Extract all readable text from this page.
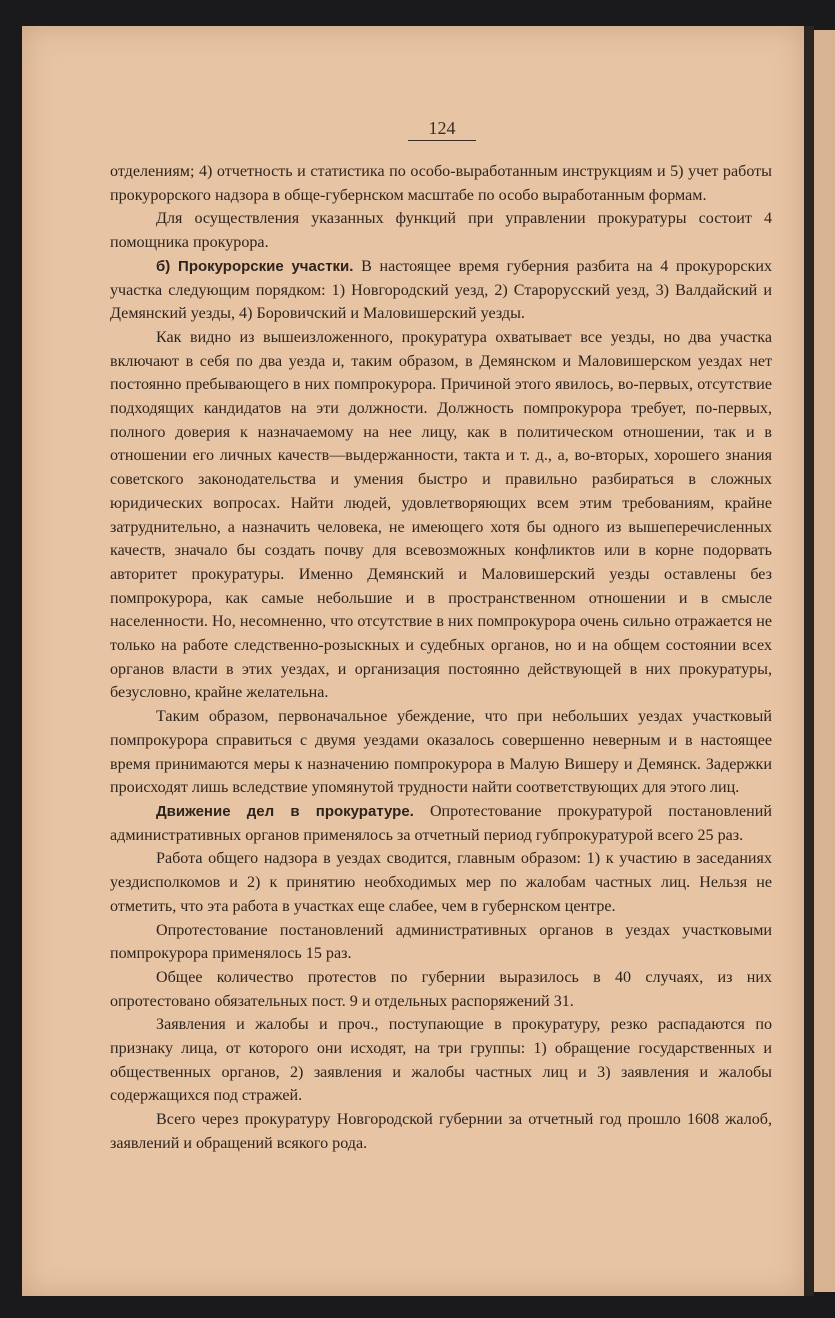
124

отделениям; 4) отчетность и статистика по особо-выработанным инструкциям и 5) учет работы прокурорского надзора в обще-губернском масштабе по особо выработанным формам.

Для осуществления указанных функций при управлении прокуратуры состоит 4 помощника прокурора.

б) Прокурорские участки. В настоящее время губерния разбита на 4 прокурорских участка следующим порядком: 1) Новгородский уезд, 2) Старорусский уезд, 3) Валдайский и Демянский уезды, 4) Боровичский и Маловишерский уезды.

Как видно из вышеизложенного, прокуратура охватывает все уезды, но два участка включают в себя по два уезда и, таким образом, в Демянском и Маловишерском уездах нет постоянно пребывающего в них помпрокурора. Причиной этого явилось, во-первых, отсутствие подходящих кандидатов на эти должности. Должность помпрокурора требует, по-первых, полного доверия к назначаемому на нее лицу, как в политическом отношении, так и в отношении его личных качеств—выдержанности, такта и т. д., а, во-вторых, хорошего знания советского законодательства и умения быстро и правильно разбираться в сложных юридических вопросах. Найти людей, удовлетворяющих всем этим требованиям, крайне затруднительно, а назначить человека, не имеющего хотя бы одного из вышеперечисленных качеств, значало бы создать почву для всевозможных конфликтов или в корне подорвать авторитет прокуратуры. Именно Демянский и Маловишерский уезды оставлены без помпрокурора, как самые небольшие и в пространственном отношении и в смысле населенности. Но, несомненно, что отсутствие в них помпрокурора очень сильно отражается не только на работе следственно-розыскных и судебных органов, но и на общем состоянии всех органов власти в этих уездах, и организация постоянно действующей в них прокуратуры, безусловно, крайне желательна.

Таким образом, первоначальное убеждение, что при небольших уездах участковый помпрокурора справиться с двумя уездами оказалось совершенно неверным и в настоящее время принимаются меры к назначению помпрокурора в Малую Вишеру и Демянск. Задержки происходят лишь вследствие упомянутой трудности найти соответствующих для этого лиц.

Движение дел в прокуратуре. Опротестование прокуратурой постановлений административных органов применялось за отчетный период губпрокуратурой всего 25 раз.

Работа общего надзора в уездах сводится, главным образом: 1) к участию в заседаниях уездисполкомов и 2) к принятию необходимых мер по жалобам частных лиц. Нельзя не отметить, что эта работа в участках еще слабее, чем в губернском центре.

Опротестование постановлений административных органов в уездах участковыми помпрокурора применялось 15 раз.

Общее количество протестов по губернии выразилось в 40 случаях, из них опротестовано обязательных пост. 9 и отдельных распоряжений 31.

Заявления и жалобы и проч., поступающие в прокуратуру, резко распадаются по признаку лица, от которого они исходят, на три группы: 1) обращение государственных и общественных органов, 2) заявления и жалобы частных лиц и 3) заявления и жалобы содержащихся под стражей.

Всего через прокуратуру Новгородской губернии за отчетный год прошло 1608 жалоб, заявлений и обращений всякого рода.
